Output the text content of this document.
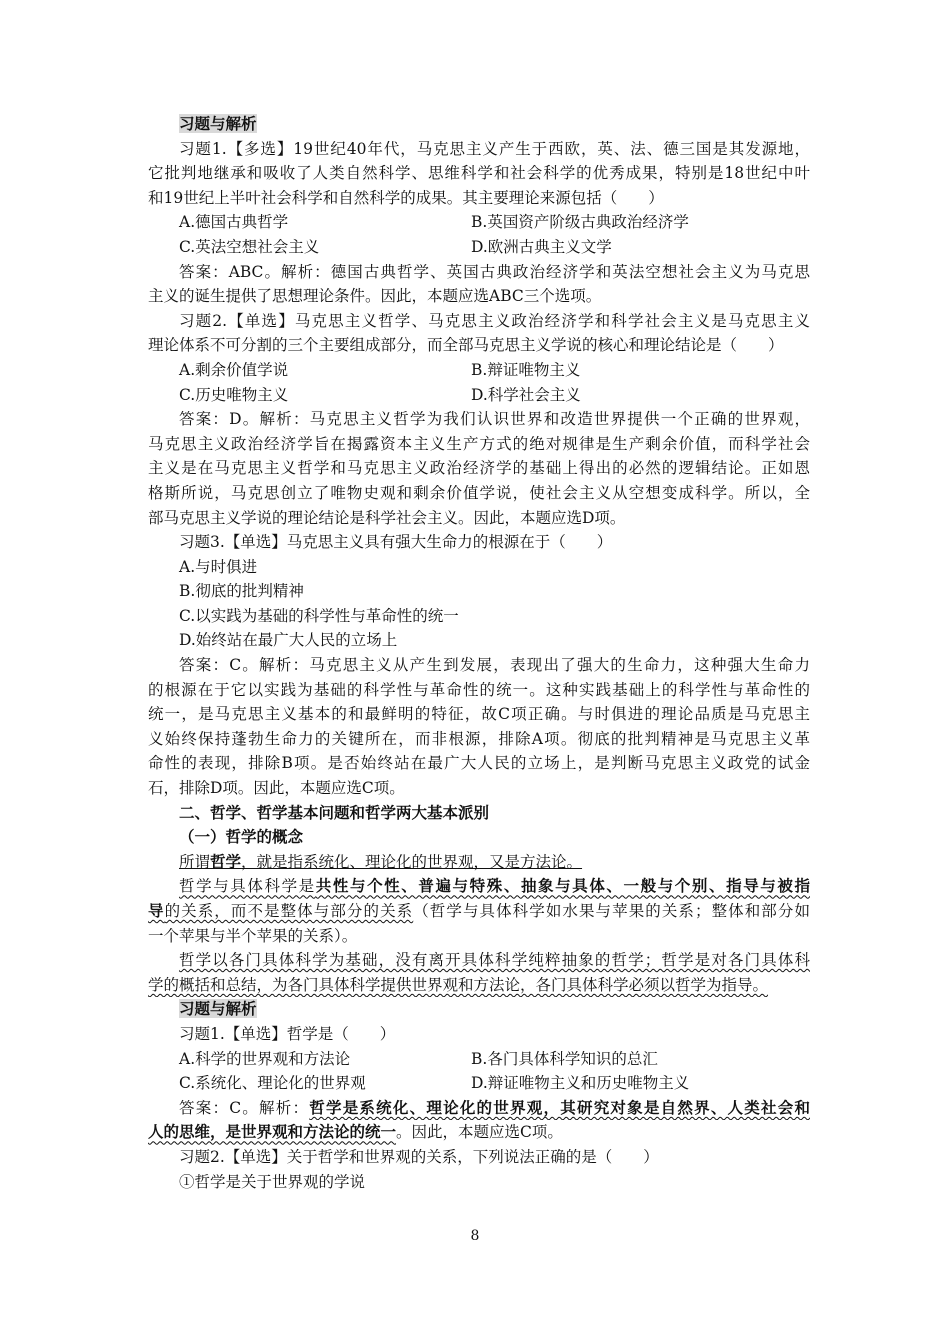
习题与解析
习题1.【多选】19世纪40年代，马克思主义产生于西欧，英、法、德三国是其发源地，
它批判地继承和吸收了人类自然科学、思维科学和社会科学的优秀成果，特别是18世纪中叶
和19世纪上半叶社会科学和自然科学的成果。其主要理论来源包括（　　）
A.德国古典哲学	B.英国资产阶级古典政治经济学
C.英法空想社会主义	D.欧洲古典主义文学
答案：ABC。解析：德国古典哲学、英国古典政治经济学和英法空想社会主义为马克思
主义的诞生提供了思想理论条件。因此，本题应选ABC三个选项。
习题2.【单选】马克思主义哲学、马克思主义政治经济学和科学社会主义是马克思主义
理论体系不可分割的三个主要组成部分，而全部马克思主义学说的核心和理论结论是（　　）
A.剩余价值学说	B.辩证唯物主义
C.历史唯物主义	D.科学社会主义
答案：D。解析：马克思主义哲学为我们认识世界和改造世界提供一个正确的世界观，
马克思主义政治经济学旨在揭露资本主义生产方式的绝对规律是生产剩余价值，而科学社会
主义是在马克思主义哲学和马克思主义政治经济学的基础上得出的必然的逻辑结论。正如恩
格斯所说，马克思创立了唯物史观和剩余价值学说，使社会主义从空想变成科学。所以，全
部马克思主义学说的理论结论是科学社会主义。因此，本题应选D项。
习题3.【单选】马克思主义具有强大生命力的根源在于（　　）
A.与时俱进
B.彻底的批判精神
C.以实践为基础的科学性与革命性的统一
D.始终站在最广大人民的立场上
答案：C。解析：马克思主义从产生到发展，表现出了强大的生命力，这种强大生命力
的根源在于它以实践为基础的科学性与革命性的统一。这种实践基础上的科学性与革命性的
统一，是马克思主义基本的和最鲜明的特征，故C项正确。与时俱进的理论品质是马克思主
义始终保持蓬勃生命力的关键所在，而非根源，排除A项。彻底的批判精神是马克思主义革
命性的表现，排除B项。是否始终站在最广大人民的立场上，是判断马克思主义政党的试金
石，排除D项。因此，本题应选C项。
二、哲学、哲学基本问题和哲学两大基本派别
（一）哲学的概念
所谓哲学，就是指系统化、理论化的世界观，又是方法论。
哲学与具体科学是共性与个性、普遍与特殊、抽象与具体、一般与个别、指导与被指
导的关系，而不是整体与部分的关系（哲学与具体科学如水果与苹果的关系；整体和部分如
一个苹果与半个苹果的关系）。
哲学以各门具体科学为基础，没有离开具体科学纯粹抽象的哲学；哲学是对各门具体科
学的概括和总结，为各门具体科学提供世界观和方法论，各门具体科学必须以哲学为指导。
习题与解析
习题1.【单选】哲学是（　　）
A.科学的世界观和方法论	B.各门具体科学知识的总汇
C.系统化、理论化的世界观	D.辩证唯物主义和历史唯物主义
答案：C。解析：哲学是系统化、理论化的世界观，其研究对象是自然界、人类社会和
人的思维，是世界观和方法论的统一。因此，本题应选C项。
习题2.【单选】关于哲学和世界观的关系，下列说法正确的是（　　）
①哲学是关于世界观的学说
8
